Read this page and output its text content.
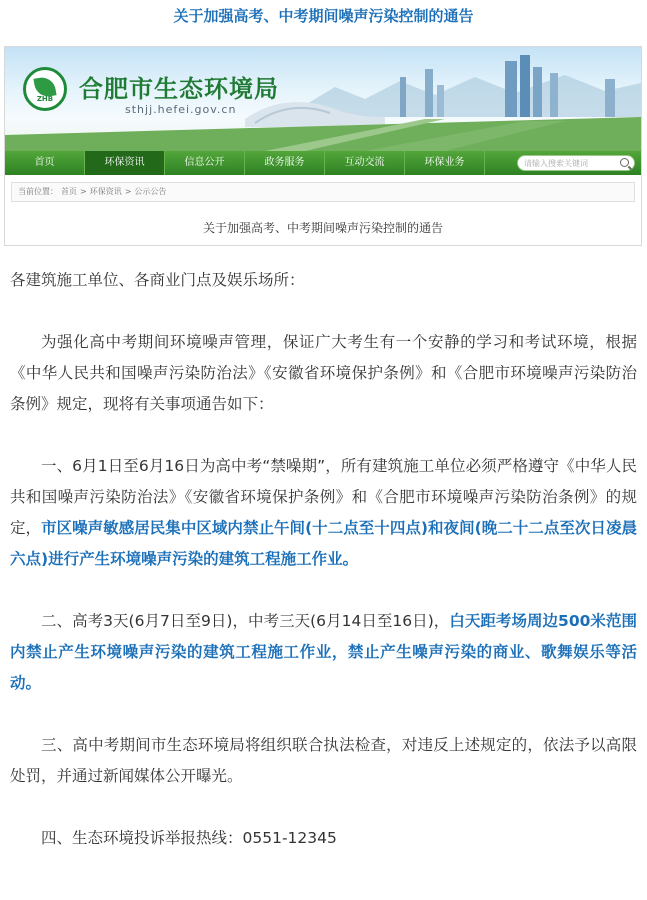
关于加强高考、中考期间噪声污染控制的通告
ZHB	合肥市生态环境局
sthjj.hefei.gov.cn
首页	环保资讯	信息公开	政务服务	互动交流	环保业务
请输入搜索关键词
当前位置： 首页 > 环保资讯 > 公示公告
关于加强高考、中考期间噪声污染控制的通告

各建筑施工单位、各商业门点及娱乐场所：

为强化高中考期间环境噪声管理，保证广大考生有一个安静的学习和考试环境，根据《中华人民共和国噪声污染防治法》《安徽省环境保护条例》和《合肥市环境噪声污染防治条例》规定，现将有关事项通告如下：

一、6月1日至6月16日为高中考“禁噪期”，所有建筑施工单位必须严格遵守《中华人民共和国噪声污染防治法》《安徽省环境保护条例》和《合肥市环境噪声污染防治条例》的规定，市区噪声敏感居民集中区域内禁止午间(十二点至十四点)和夜间(晚二十二点至次日凌晨六点)进行产生环境噪声污染的建筑工程施工作业。

二、高考3天(6月7日至9日)，中考三天(6月14日至16日)，白天距考场周边500米范围内禁止产生环境噪声污染的建筑工程施工作业，禁止产生噪声污染的商业、歌舞娱乐等活动。

三、高中考期间市生态环境局将组织联合执法检查，对违反上述规定的，依法予以高限处罚，并通过新闻媒体公开曝光。

四、生态环境投诉举报热线：0551-12345
